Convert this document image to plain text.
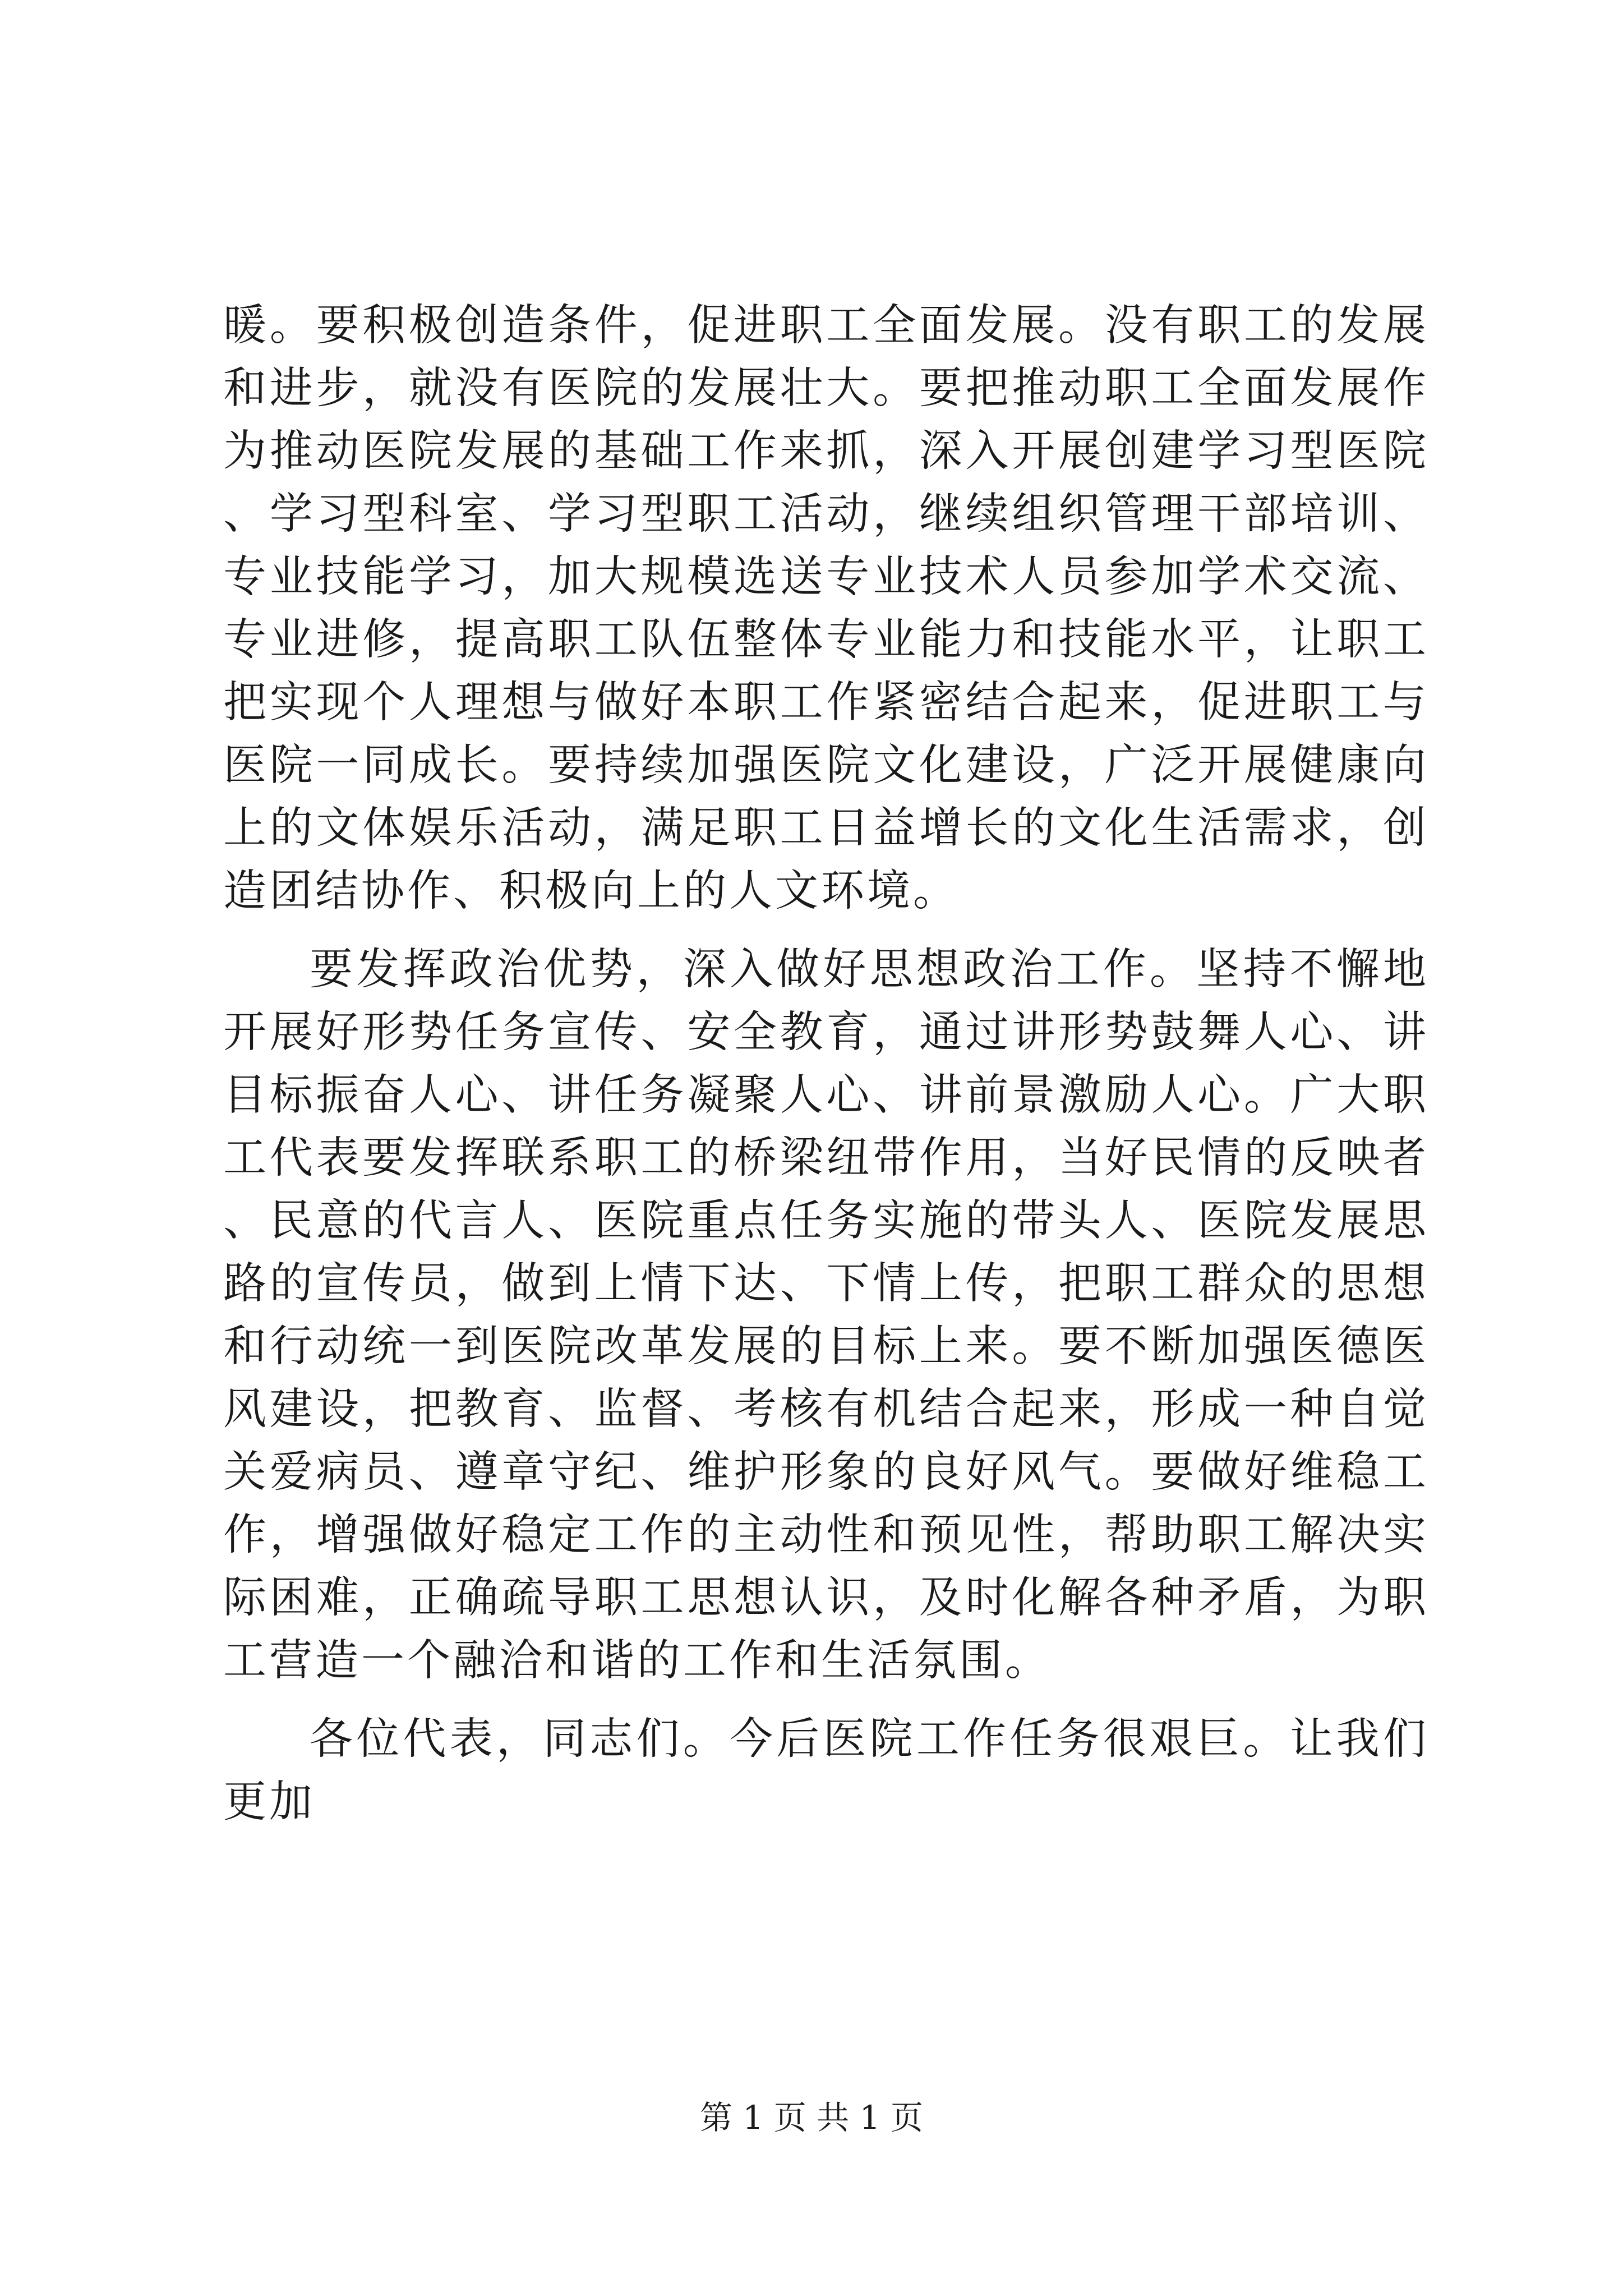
暖。要积极创造条件，促进职工全面发展。没有职工的发展和进步，就没有医院的发展壮大。要把推动职工全面发展作为推动医院发展的基础工作来抓，深入开展创建学习型医院、学习型科室、学习型职工活动，继续组织管理干部培训、专业技能学习，加大规模选送专业技术人员参加学术交流、专业进修，提高职工队伍整体专业能力和技能水平，让职工把实现个人理想与做好本职工作紧密结合起来，促进职工与医院一同成长。要持续加强医院文化建设，广泛开展健康向上的文体娱乐活动，满足职工日益增长的文化生活需求，创造团结协作、积极向上的人文环境。

要发挥政治优势，深入做好思想政治工作。坚持不懈地开展好形势任务宣传、安全教育，通过讲形势鼓舞人心、讲目标振奋人心、讲任务凝聚人心、讲前景激励人心。广大职工代表要发挥联系职工的桥梁纽带作用，当好民情的反映者、民意的代言人、医院重点任务实施的带头人、医院发展思路的宣传员，做到上情下达、下情上传，把职工群众的思想和行动统一到医院改革发展的目标上来。要不断加强医德医风建设，把教育、监督、考核有机结合起来，形成一种自觉关爱病员、遵章守纪、维护形象的良好风气。要做好维稳工作，增强做好稳定工作的主动性和预见性，帮助职工解决实际困难，正确疏导职工思想认识，及时化解各种矛盾，为职工营造一个融洽和谐的工作和生活氛围。

各位代表，同志们。今后医院工作任务很艰巨。让我们更加

第 1 页 共 1 页
